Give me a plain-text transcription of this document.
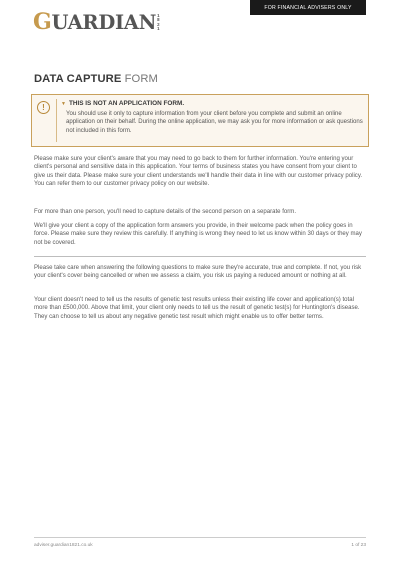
FOR FINANCIAL ADVISERS ONLY
GUARDIAN 1
8
2
1
DATA CAPTURE FORM
!	▼ THIS IS NOT AN APPLICATION FORM.
You should use it only to capture information from your client before you complete and submit an online application on their behalf. During the online application, we may ask you for more information or ask questions not included in this form.

Please make sure your client's aware that you may need to go back to them for further information. You're entering your client's personal and sensitive data in this application. Your terms of business states you have consent from your client to give us their data. Please make sure your client understands we'll handle their data in line with our customer privacy policy. You can refer them to our customer privacy policy on our website.

For more than one person, you'll need to capture details of the second person on a separate form.

We'll give your client a copy of the application form answers you provide, in their welcome pack when the policy goes in force. Please make sure they review this carefully. If anything is wrong they need to let us know within 30 days or they may not be covered.

Please take care when answering the following questions to make sure they're accurate, true and complete. If not, you risk your client's cover being cancelled or when we assess a claim, you risk us paying a reduced amount or nothing at all.

Your client doesn't need to tell us the results of genetic test results unless their existing life cover and application(s) total more than £500,000. Above that limit, your client only needs to tell us the result of genetic test(s) for Huntington's disease. They can choose to tell us about any negative genetic test result which might enable us to offer better terms.

adviser.guardian1821.co.uk	1 of 23
